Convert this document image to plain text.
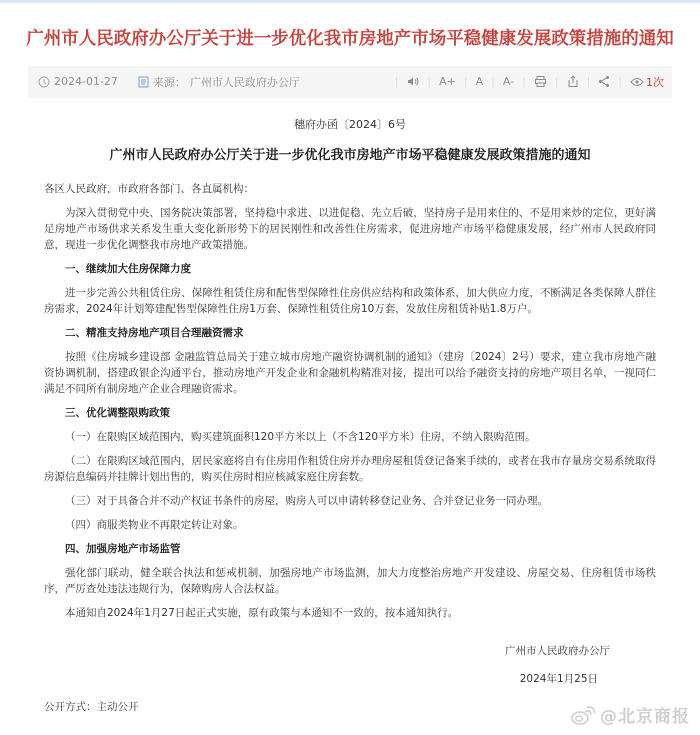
广州市人民政府办公厅关于进一步优化我市房地产市场平稳健康发展政策措施的通知
2024-01-27	来源： 广州市人民政府办公厅	|	| A+ | A | A- |	|	|	| 1次
穗府办函〔2024〕6号
广州市人民政府办公厅关于进一步优化我市房地产市场平稳健康发展政策措施的通知

各区人民政府，市政府各部门、各直属机构：

为深入贯彻党中央、国务院决策部署，坚持稳中求进、以进促稳、先立后破，坚持房子是用来住的、不是用来炒的定位，更好满足房地产市场供求关系发生重大变化新形势下的居民刚性和改善性住房需求，促进房地产市场平稳健康发展，经广州市人民政府同意，现进一步优化调整我市房地产政策措施。

一、继续加大住房保障力度

进一步完善公共租赁住房、保障性租赁住房和配售型保障性住房供应结构和政策体系，加大供应力度，不断满足各类保障人群住房需求，2024年计划筹建配售型保障性住房1万套、保障性租赁住房10万套，发放住房租赁补贴1.8万户。

二、精准支持房地产项目合理融资需求

按照《住房城乡建设部 金融监管总局关于建立城市房地产融资协调机制的通知》（建房〔2024〕2号）要求，建立我市房地产融资协调机制，搭建政银企沟通平台，推动房地产开发企业和金融机构精准对接，提出可以给予融资支持的房地产项目名单，一视同仁满足不同所有制房地产企业合理融资需求。

三、优化调整限购政策

（一）在限购区域范围内，购买建筑面积120平方米以上（不含120平方米）住房，不纳入限购范围。

（二）在限购区域范围内，居民家庭将自有住房用作租赁住房并办理房屋租赁登记备案手续的，或者在我市存量房交易系统取得房源信息编码并挂牌计划出售的，购买住房时相应核减家庭住房套数。

（三）对于具备合并不动产权证书条件的房屋，购房人可以申请转移登记业务、合并登记业务一同办理。

（四）商服类物业不再限定转让对象。

四、加强房地产市场监管

强化部门联动，健全联合执法和惩戒机制，加强房地产市场监测，加大力度整治房地产开发建设、房屋交易、住房租赁市场秩序，严厉查处违法违规行为，保障购房人合法权益。

本通知自2024年1月27日起正式实施，原有政策与本通知不一致的，按本通知执行。

广州市人民政府办公厅
2024年1月25日
公开方式：主动公开
@北京商报
